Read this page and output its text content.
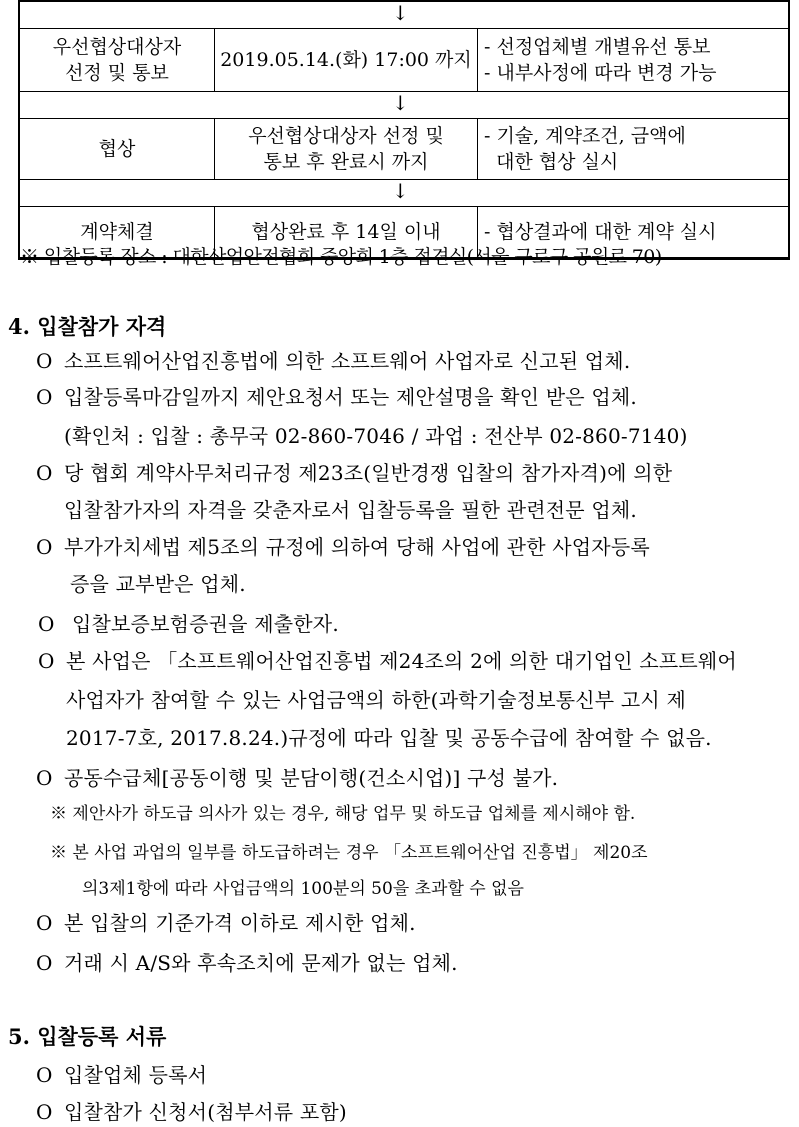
↓
우선협상대상자
선정 및 통보
2019.05.14.(화) 17:00 까지
- 선정업체별 개별유선 통보
- 내부사정에 따라 변경 가능
↓
협상
우선협상대상자 선정 및
통보 후 완료시 까지
- 기술, 계약조건, 금액에
대한 협상 실시
↓
계약체결	협상완료 후 14일 이내 - 협상결과에 대한 계약 실시
※ 입찰등록 장소 : 대한산업안전협회 중앙회 1층 접견실(서울 구로구 공원로 70)
4. 입찰참가 자격
O 소프트웨어산업진흥법에 의한 소프트웨어 사업자로 신고된 업체.
O 입찰등록마감일까지 제안요청서 또는 제안설명을 확인 받은 업체.
(확인처 : 입찰 : 총무국 02-860-7046 / 과업 : 전산부 02-860-7140)
O 당 협회 계약사무처리규정 제23조(일반경쟁 입찰의 참가자격)에 의한
입찰참가자의 자격을 갖춘자로서 입찰등록을 필한 관련전문 업체.
O 부가가치세법 제5조의 규정에 의하여 당해 사업에 관한 사업자등록
증을 교부받은 업체.
O 입찰보증보험증권을 제출한자.
O 본 사업은 「소프트웨어산업진흥법 제24조의 2에 의한 대기업인 소프트웨어
사업자가 참여할 수 있는 사업금액의 하한(과학기술정보통신부 고시 제
2017-7호, 2017.8.24.)규정에 따라 입찰 및 공동수급에 참여할 수 없음.
O 공동수급체[공동이행 및 분담이행(건소시업)] 구성 불가.
※ 제안사가 하도급 의사가 있는 경우, 해당 업무 및 하도급 업체를 제시해야 함.
※ 본 사업 과업의 일부를 하도급하려는 경우 「소프트웨어산업 진흥법」 제20조
의3제1항에 따라 사업금액의 100분의 50을 초과할 수 없음
O 본 입찰의 기준가격 이하로 제시한 업체.
O 거래 시 A/S와 후속조치에 문제가 없는 업체.
5. 입찰등록 서류
O 입찰업체 등록서
O 입찰참가 신청서(첨부서류 포함)
